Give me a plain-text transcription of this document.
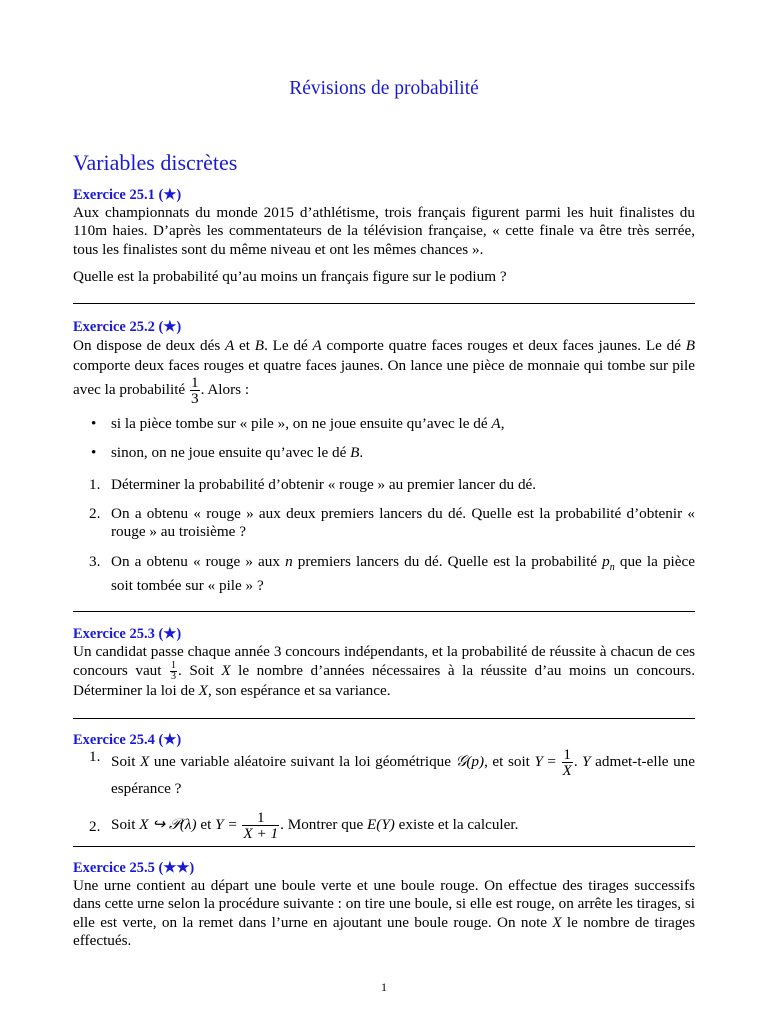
Révisions de probabilité
Variables discrètes
Exercice 25.1 (★)

Aux championnats du monde 2015 d’athlétisme, trois français figurent parmi les huit finalistes du 110m haies. D’après les commentateurs de la télévision française, « cette finale va être très serrée, tous les finalistes sont du même niveau et ont les mêmes chances ».

Quelle est la probabilité qu’au moins un français figure sur le podium ?

Exercice 25.2 (★)

On dispose de deux dés A et B. Le dé A comporte quatre faces rouges et deux faces jaunes. Le dé B comporte deux faces rouges et quatre faces jaunes. On lance une pièce de monnaie qui tombe sur pile avec la probabilité $\frac{1}{3}$ . Alors :

• si la pièce tombe sur « pile », on ne joue ensuite qu’avec le dé A,
• sinon, on ne joue ensuite qu’avec le dé B.
1. Déterminer la probabilité d’obtenir « rouge » au premier lancer du dé.
2. On a obtenu « rouge » aux deux premiers lancers du dé. Quelle est la probabilité d’obtenir « rouge » au troisième ?
3. On a obtenu « rouge » aux n premiers lancers du dé. Quelle est la probabilité $p_n$ que la pièce soit tombée sur « pile » ?
Exercice 25.3 (★)

Un candidat passe chaque année 3 concours indépendants, et la probabilité de réussite à chacun de ces concours vaut $\frac{1}{3}$ . Soit X le nombre d’années nécessaires à la réussite d’au moins un concours. Déterminer la loi de X, son espérance et sa variance.

Exercice 25.4 (★)
1. Soit X une variable aléatoire suivant la loi géométrique 𝒢(p), et soit $Y = \frac{1}{X}$ . Y admet-t-elle une espérance ?
2. Soit X ↪ 𝒫(λ) et $Y = \frac{1}{X + 1}$ . Montrer que E(Y) existe et la calculer.
Exercice 25.5 (★★)

Une urne contient au départ une boule verte et une boule rouge. On effectue des tirages successifs dans cette urne selon la procédure suivante : on tire une boule, si elle est rouge, on arrête les tirages, si elle est verte, on la remet dans l’urne en ajoutant une boule rouge. On note X le nombre de tirages effectués.

1
